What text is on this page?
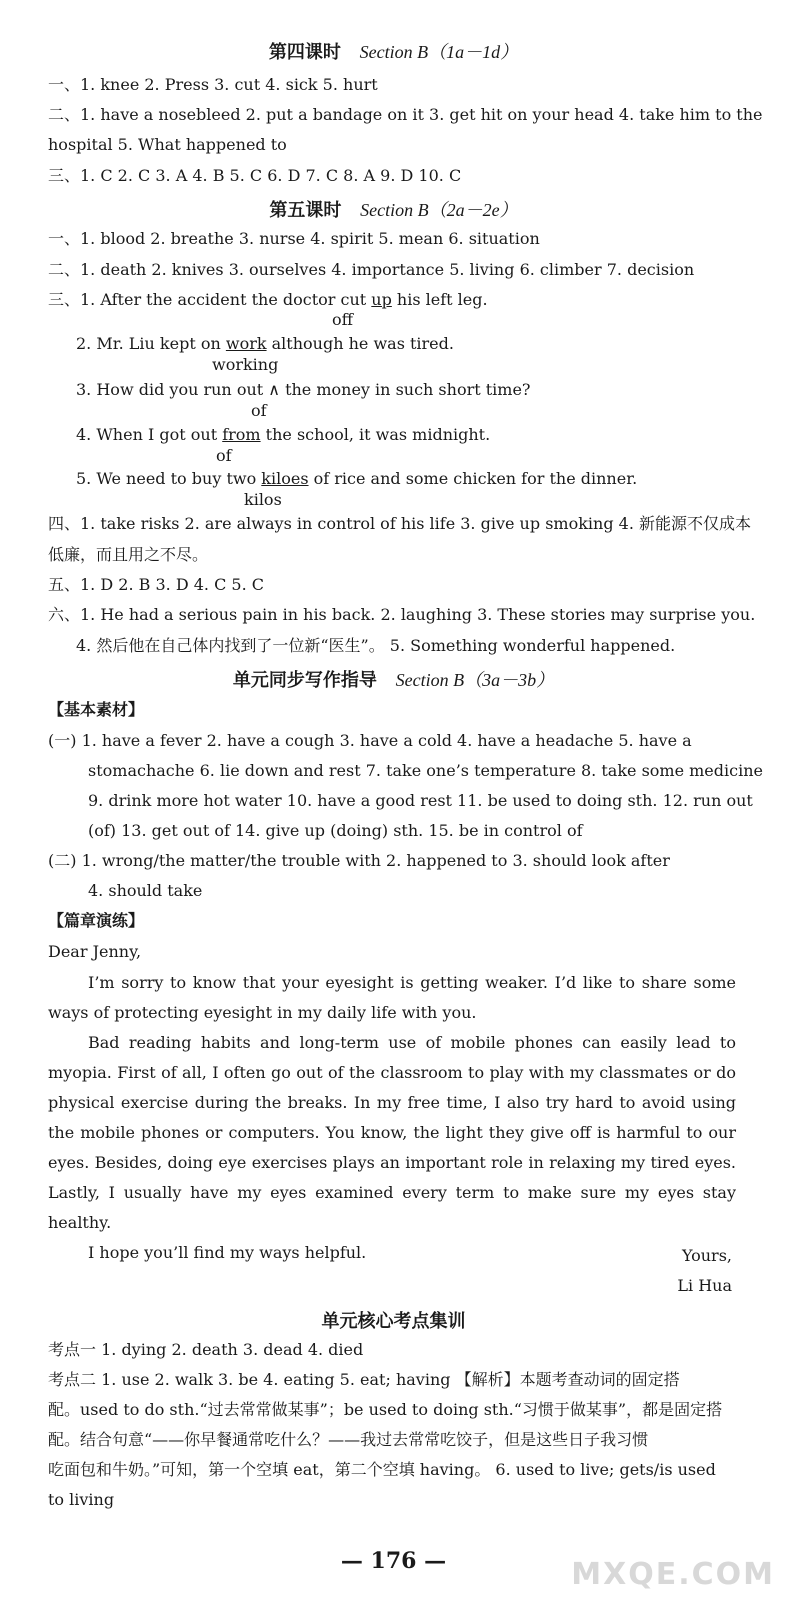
第四课时 Section B（1a－1d）
一、1. knee 2. Press 3. cut 4. sick 5. hurt
二、1. have a nosebleed 2. put a bandage on it 3. get hit on your head 4. take him to the
hospital 5. What happened to
三、1. C 2. C 3. A 4. B 5. C 6. D 7. C 8. A 9. D 10. C
第五课时 Section B（2a－2e）
一、1. blood 2. breathe 3. nurse 4. spirit 5. mean 6. situation
二、1. death 2. knives 3. ourselves 4. importance 5. living 6. climber 7. decision
三、1. After the accident the doctor cut up his left leg.
off
2. Mr. Liu kept on work although he was tired.
working
3. How did you run out ∧ the money in such short time?
of
4. When I got out from the school, it was midnight.
of
5. We need to buy two kiloes of rice and some chicken for the dinner.
kilos
四、1. take risks 2. are always in control of his life 3. give up smoking 4. 新能源不仅成本
低廉，而且用之不尽。
五、1. D 2. B 3. D 4. C 5. C
六、1. He had a serious pain in his back. 2. laughing 3. These stories may surprise you.
4. 然后他在自己体内找到了一位新“医生”。 5. Something wonderful happened.
单元同步写作指导 Section B（3a－3b）
【基本素材】
(一) 1. have a fever 2. have a cough 3. have a cold 4. have a headache 5. have a
stomachache 6. lie down and rest 7. take one’s temperature 8. take some medicine
9. drink more hot water 10. have a good rest 11. be used to doing sth. 12. run out
(of) 13. get out of 14. give up (doing) sth. 15. be in control of
(二) 1. wrong/the matter/the trouble with 2. happened to 3. should look after
4. should take
【篇章演练】
Dear Jenny,

I’m sorry to know that your eyesight is getting weaker. I’d like to share some ways of protecting eyesight in my daily life with you.

Bad reading habits and long-term use of mobile phones can easily lead to myopia. First of all, I often go out of the classroom to play with my classmates or do physical exercise during the breaks. In my free time, I also try hard to avoid using the mobile phones or computers. You know, the light they give off is harmful to our eyes. Besides, doing eye exercises plays an important role in relaxing my tired eyes. Lastly, I usually have my eyes examined every term to make sure my eyes stay healthy.

I hope you’ll find my ways helpful.	Yours,
Li Hua
单元核心考点集训
考点一 1. dying 2. death 3. dead 4. died
考点二 1. use 2. walk 3. be 4. eating 5. eat; having 【解析】本题考查动词的固定搭
配。used to do sth.“过去常常做某事”；be used to doing sth.“习惯于做某事”，都是固定搭
配。结合句意“——你早餐通常吃什么？——我过去常常吃饺子，但是这些日子我习惯
吃面包和牛奶。”可知，第一个空填 eat，第二个空填 having。 6. used to live; gets/is used
to living
— 176 —	MXQE.COM
